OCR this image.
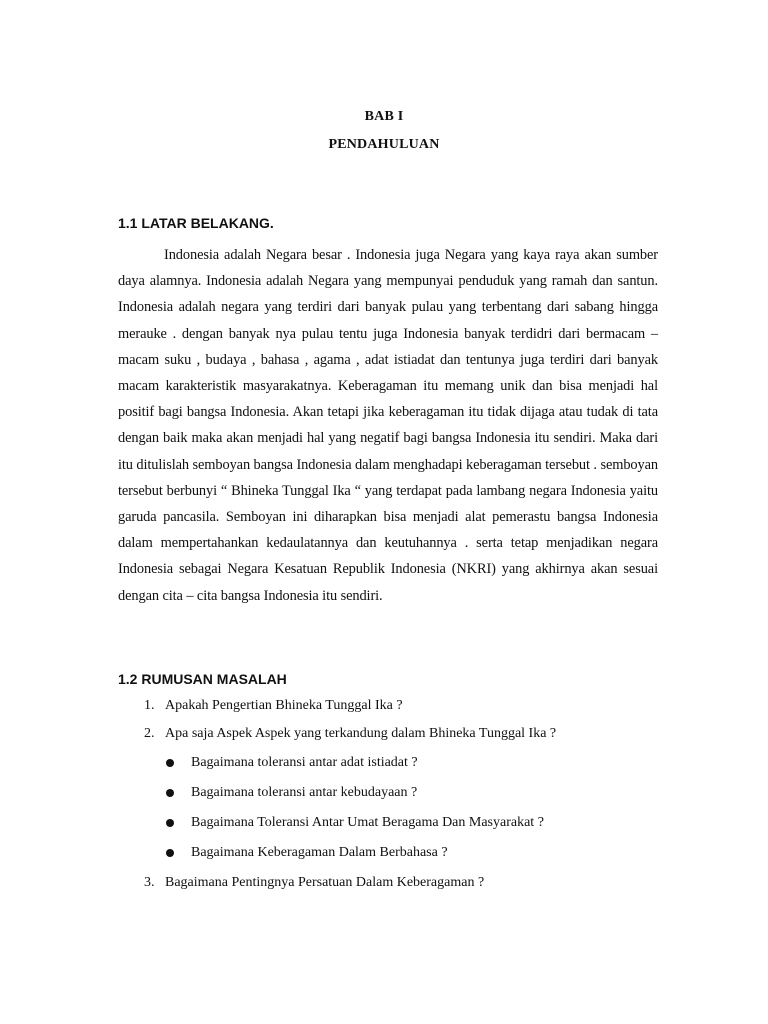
BAB I
PENDAHULUAN
1.1 LATAR BELAKANG.

Indonesia adalah Negara besar . Indonesia juga Negara yang kaya raya akan sumber daya alamnya. Indonesia adalah Negara yang mempunyai penduduk yang ramah dan santun. Indonesia adalah negara yang terdiri dari banyak pulau yang terbentang dari sabang hingga merauke . dengan banyak nya pulau tentu juga Indonesia banyak terdidri dari bermacam – macam suku , budaya , bahasa , agama , adat istiadat dan tentunya juga terdiri dari banyak macam karakteristik masyarakatnya. Keberagaman itu memang unik dan bisa menjadi hal positif bagi bangsa Indonesia. Akan tetapi jika keberagaman itu tidak dijaga atau tudak di tata dengan baik maka akan menjadi hal yang negatif bagi bangsa Indonesia itu sendiri. Maka dari itu ditulislah semboyan bangsa Indonesia dalam menghadapi keberagaman tersebut . semboyan tersebut berbunyi “ Bhineka Tunggal Ika “ yang terdapat pada lambang negara Indonesia yaitu garuda pancasila. Semboyan ini diharapkan bisa menjadi alat pemerastu bangsa Indonesia dalam mempertahankan kedaulatannya dan keutuhannya . serta tetap menjadikan negara Indonesia sebagai Negara Kesatuan Republik Indonesia (NKRI) yang akhirnya akan sesuai dengan cita – cita bangsa Indonesia itu sendiri.

1.2 RUMUSAN MASALAH
1. Apakah Pengertian Bhineka Tunggal Ika ?
2. Apa saja Aspek Aspek yang terkandung dalam Bhineka Tunggal Ika ?
Bagaimana toleransi antar adat istiadat ?
Bagaimana toleransi antar kebudayaan ?
Bagaimana Toleransi Antar Umat Beragama Dan Masyarakat ?
Bagaimana Keberagaman Dalam Berbahasa ?
3. Bagaimana Pentingnya Persatuan Dalam Keberagaman ?
